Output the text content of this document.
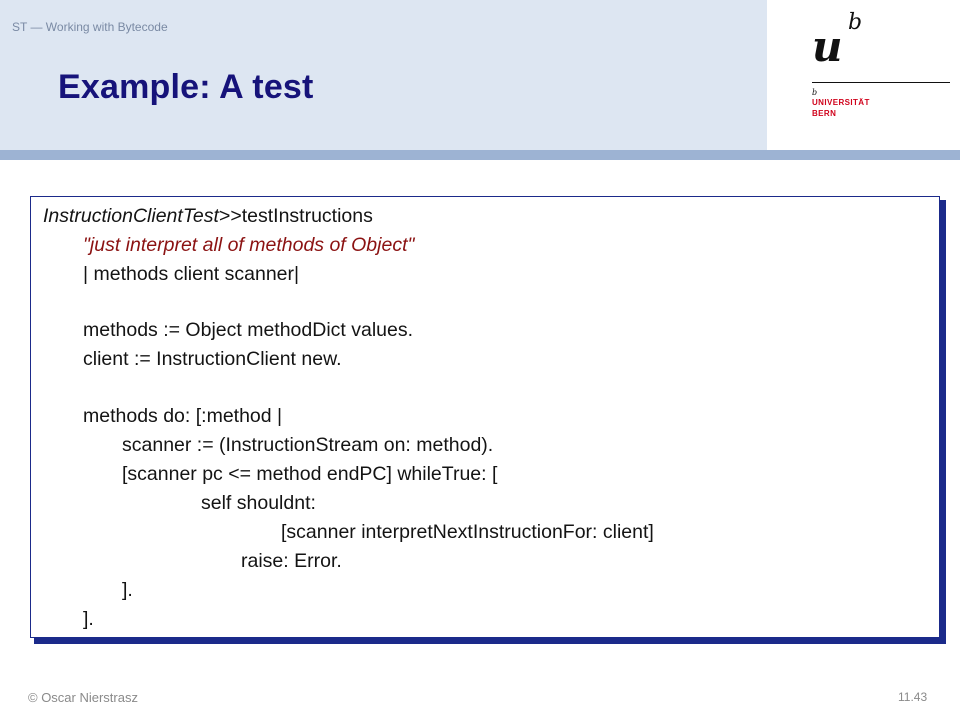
ST — Working with Bytecode
Example: A test
u b
b
UNIVERSITÄT
BERN
InstructionClientTest>>testInstructions
"just interpret all of methods of Object"
| methods client scanner|
methods := Object methodDict values.
client := InstructionClient new.
methods do: [:method |
scanner := (InstructionStream on: method).
[scanner pc <= method endPC] whileTrue: [
self shouldnt:
[scanner interpretNextInstructionFor: client]
raise: Error.
].
].
© Oscar Nierstrasz	11.43
